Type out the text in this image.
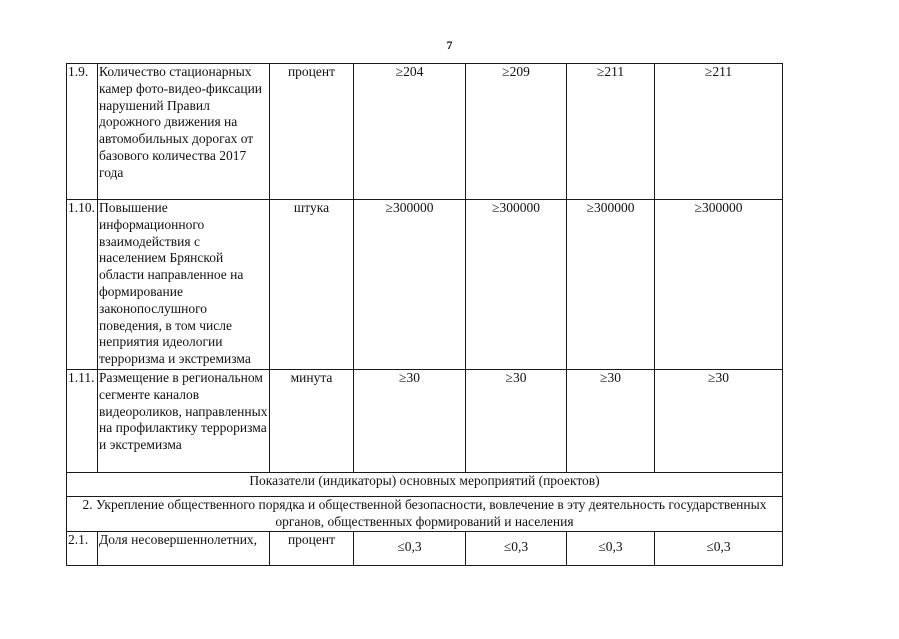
7
1.9.	Количество стационарных камер фото-видео-фиксации нарушений Правил дорожного движения на автомобильных дорогах от базового количества 2017 года	процент	≥204	≥209	≥211	≥211
1.10.	Повышение информационного взаимодействия с населением Брянской области направленное на формирование законопослушного поведения, в том числе неприятия идеологии терроризма и экстремизма	штука	≥300000	≥300000	≥300000	≥300000
1.11.	Размещение в региональном сегменте каналов видеороликов, направленных на профилактику терроризма и экстремизма	минута	≥30	≥30	≥30	≥30
Показатели (индикаторы) основных мероприятий (проектов)						
2. Укрепление общественного порядка и общественной безопасности, вовлечение в эту деятельность государственных органов, общественных формирований и населения						
2.1.	Доля несовершеннолетних,	процент	≤0,3	≤0,3	≤0,3	≤0,3
